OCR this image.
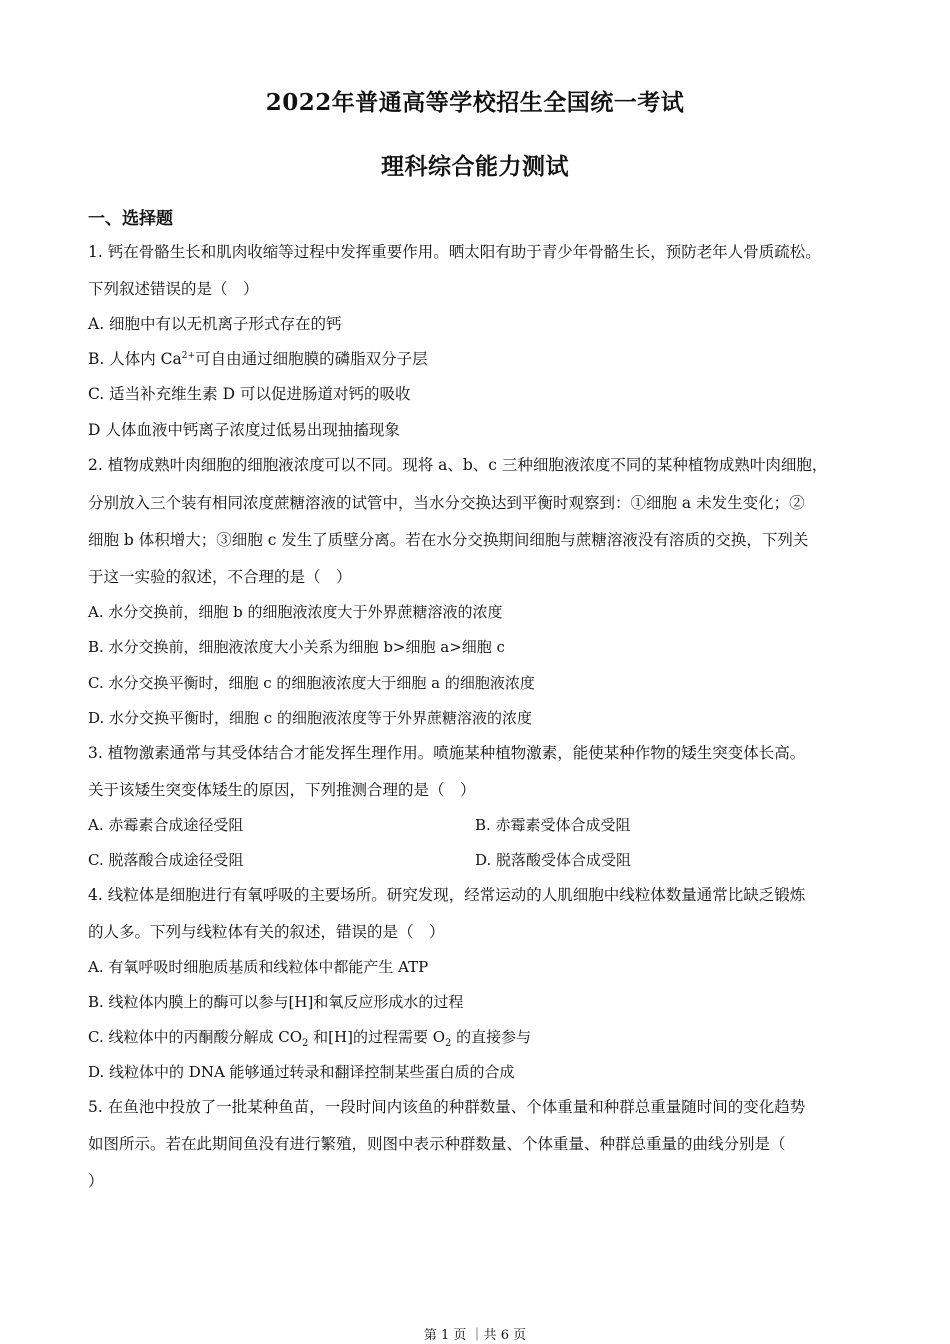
2022年普通高等学校招生全国统一考试
理科综合能力测试
一、选择题
1. 钙在骨骼生长和肌肉收缩等过程中发挥重要作用。晒太阳有助于青少年骨骼生长，预防老年人骨质疏松。
下列叙述错误的是（　）
A. 细胞中有以无机离子形式存在的钙
B. 人体内 $Ca^{2+}$可自由通过细胞膜的磷脂双分子层
C. 适当补充维生素 D 可以促进肠道对钙的吸收
D 人体血液中钙离子浓度过低易出现抽搐现象
2. 植物成熟叶肉细胞的细胞液浓度可以不同。现将 a、b、c 三种细胞液浓度不同的某种植物成熟叶肉细胞，
分别放入三个装有相同浓度蔗糖溶液的试管中，当水分交换达到平衡时观察到：①细胞 a 未发生变化；②
细胞 b 体积增大；③细胞 c 发生了质壁分离。若在水分交换期间细胞与蔗糖溶液没有溶质的交换，下列关
于这一实验的叙述，不合理的是（　）
A. 水分交换前，细胞 b 的细胞液浓度大于外界蔗糖溶液的浓度
B. 水分交换前，细胞液浓度大小关系为细胞 b>细胞 a>细胞 c
C. 水分交换平衡时，细胞 c 的细胞液浓度大于细胞 a 的细胞液浓度
D. 水分交换平衡时，细胞 c 的细胞液浓度等于外界蔗糖溶液的浓度
3. 植物激素通常与其受体结合才能发挥生理作用。喷施某种植物激素，能使某种作物的矮生突变体长高。
关于该矮生突变体矮生的原因，下列推测合理的是（　）
A. 赤霉素合成途径受阻	B. 赤霉素受体合成受阻
C. 脱落酸合成途径受阻	D. 脱落酸受体合成受阻
4. 线粒体是细胞进行有氧呼吸的主要场所。研究发现，经常运动的人肌细胞中线粒体数量通常比缺乏锻炼
的人多。下列与线粒体有关的叙述，错误的是（　）
A. 有氧呼吸时细胞质基质和线粒体中都能产生 ATP
B. 线粒体内膜上的酶可以参与[H]和氧反应形成水的过程
C. 线粒体中的丙酮酸分解成 $CO_2$ 和[H]的过程需要 $O_2$ 的直接参与
D. 线粒体中的 DNA 能够通过转录和翻译控制某些蛋白质的合成
5. 在鱼池中投放了一批某种鱼苗，一段时间内该鱼的种群数量、个体重量和种群总重量随时间的变化趋势
如图所示。若在此期间鱼没有进行繁殖，则图中表示种群数量、个体重量、种群总重量的曲线分别是（
）
第 1 页 ｜共 6 页
